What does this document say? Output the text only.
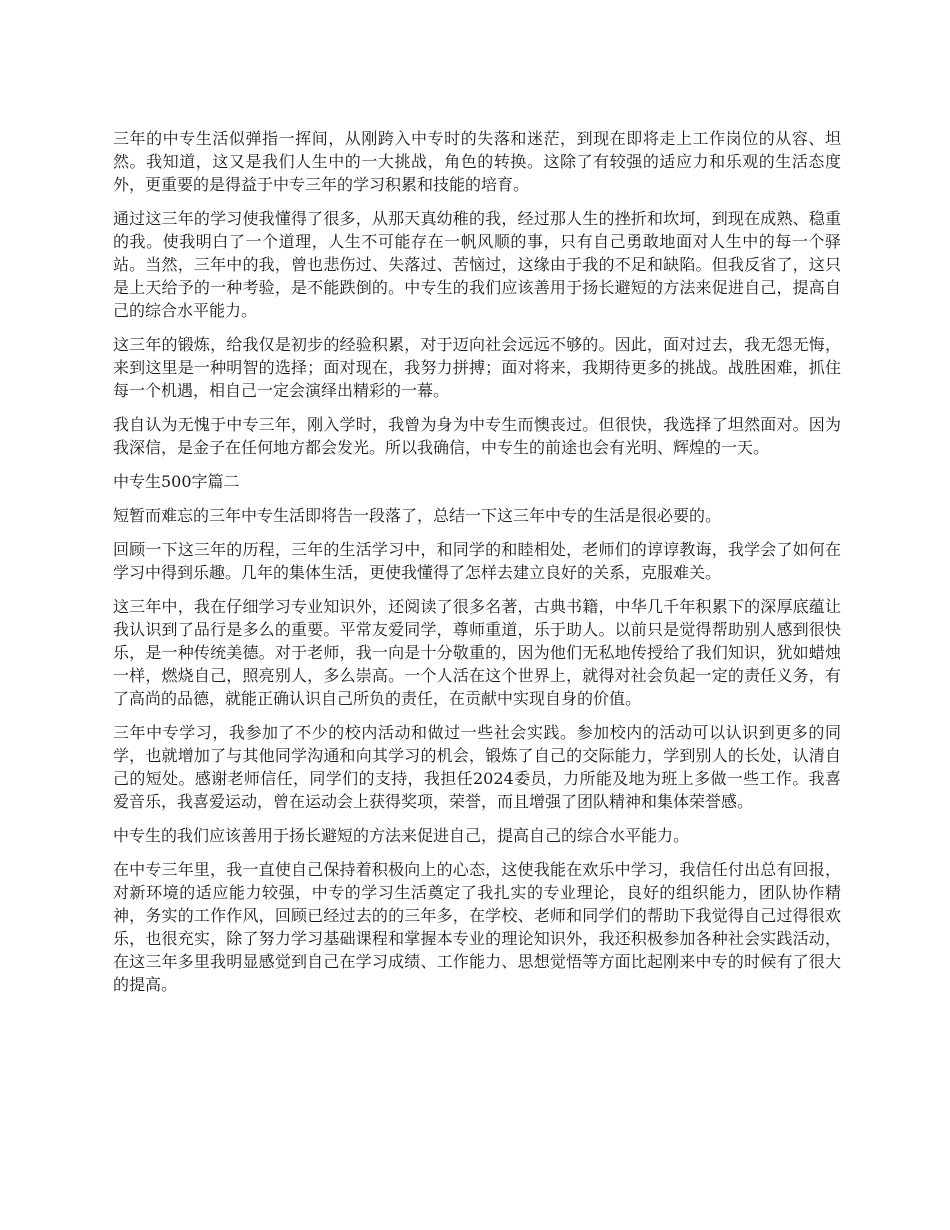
三年的中专生活似弹指一挥间，从刚跨入中专时的失落和迷茫，到现在即将走上工作岗位的从容、坦然。我知道，这又是我们人生中的一大挑战，角色的转换。这除了有较强的适应力和乐观的生活态度外，更重要的是得益于中专三年的学习积累和技能的培育。

通过这三年的学习使我懂得了很多，从那天真幼稚的我，经过那人生的挫折和坎坷，到现在成熟、稳重的我。使我明白了一个道理，人生不可能存在一帆风顺的事，只有自己勇敢地面对人生中的每一个驿站。当然，三年中的我，曾也悲伤过、失落过、苦恼过，这缘由于我的不足和缺陷。但我反省了，这只是上天给予的一种考验，是不能跌倒的。中专生的我们应该善用于扬长避短的方法来促进自己，提高自己的综合水平能力。

这三年的锻炼，给我仅是初步的经验积累，对于迈向社会远远不够的。因此，面对过去，我无怨无悔，来到这里是一种明智的选择；面对现在，我努力拼搏；面对将来，我期待更多的挑战。战胜困难，抓住每一个机遇，相自己一定会演绎出精彩的一幕。

我自认为无愧于中专三年，刚入学时，我曾为身为中专生而懊丧过。但很快，我选择了坦然面对。因为我深信，是金子在任何地方都会发光。所以我确信，中专生的前途也会有光明、辉煌的一天。

中专生500字篇二

短暂而难忘的三年中专生活即将告一段落了，总结一下这三年中专的生活是很必要的。

回顾一下这三年的历程，三年的生活学习中，和同学的和睦相处，老师们的谆谆教诲，我学会了如何在学习中得到乐趣。几年的集体生活，更使我懂得了怎样去建立良好的关系，克服难关。

这三年中，我在仔细学习专业知识外，还阅读了很多名著，古典书籍，中华几千年积累下的深厚底蕴让我认识到了品行是多么的重要。平常友爱同学，尊师重道，乐于助人。以前只是觉得帮助别人感到很快乐，是一种传统美德。对于老师，我一向是十分敬重的，因为他们无私地传授给了我们知识，犹如蜡烛一样，燃烧自己，照亮别人，多么崇高。一个人活在这个世界上，就得对社会负起一定的责任义务，有了高尚的品德，就能正确认识自己所负的责任，在贡献中实现自身的价值。

三年中专学习，我参加了不少的校内活动和做过一些社会实践。参加校内的活动可以认识到更多的同学，也就增加了与其他同学沟通和向其学习的机会，锻炼了自己的交际能力，学到别人的长处，认清自己的短处。感谢老师信任，同学们的支持，我担任2024委员，力所能及地为班上多做一些工作。我喜爱音乐，我喜爱运动，曾在运动会上获得奖项，荣誉，而且增强了团队精神和集体荣誉感。

中专生的我们应该善用于扬长避短的方法来促进自己，提高自己的综合水平能力。

在中专三年里，我一直使自己保持着积极向上的心态，这使我能在欢乐中学习，我信任付出总有回报，对新环境的适应能力较强，中专的学习生活奠定了我扎实的专业理论，良好的组织能力，团队协作精神，务实的工作作风，回顾已经过去的的三年多，在学校、老师和同学们的帮助下我觉得自己过得很欢乐，也很充实，除了努力学习基础课程和掌握本专业的理论知识外，我还积极参加各种社会实践活动，在这三年多里我明显感觉到自己在学习成绩、工作能力、思想觉悟等方面比起刚来中专的时候有了很大的提高。
